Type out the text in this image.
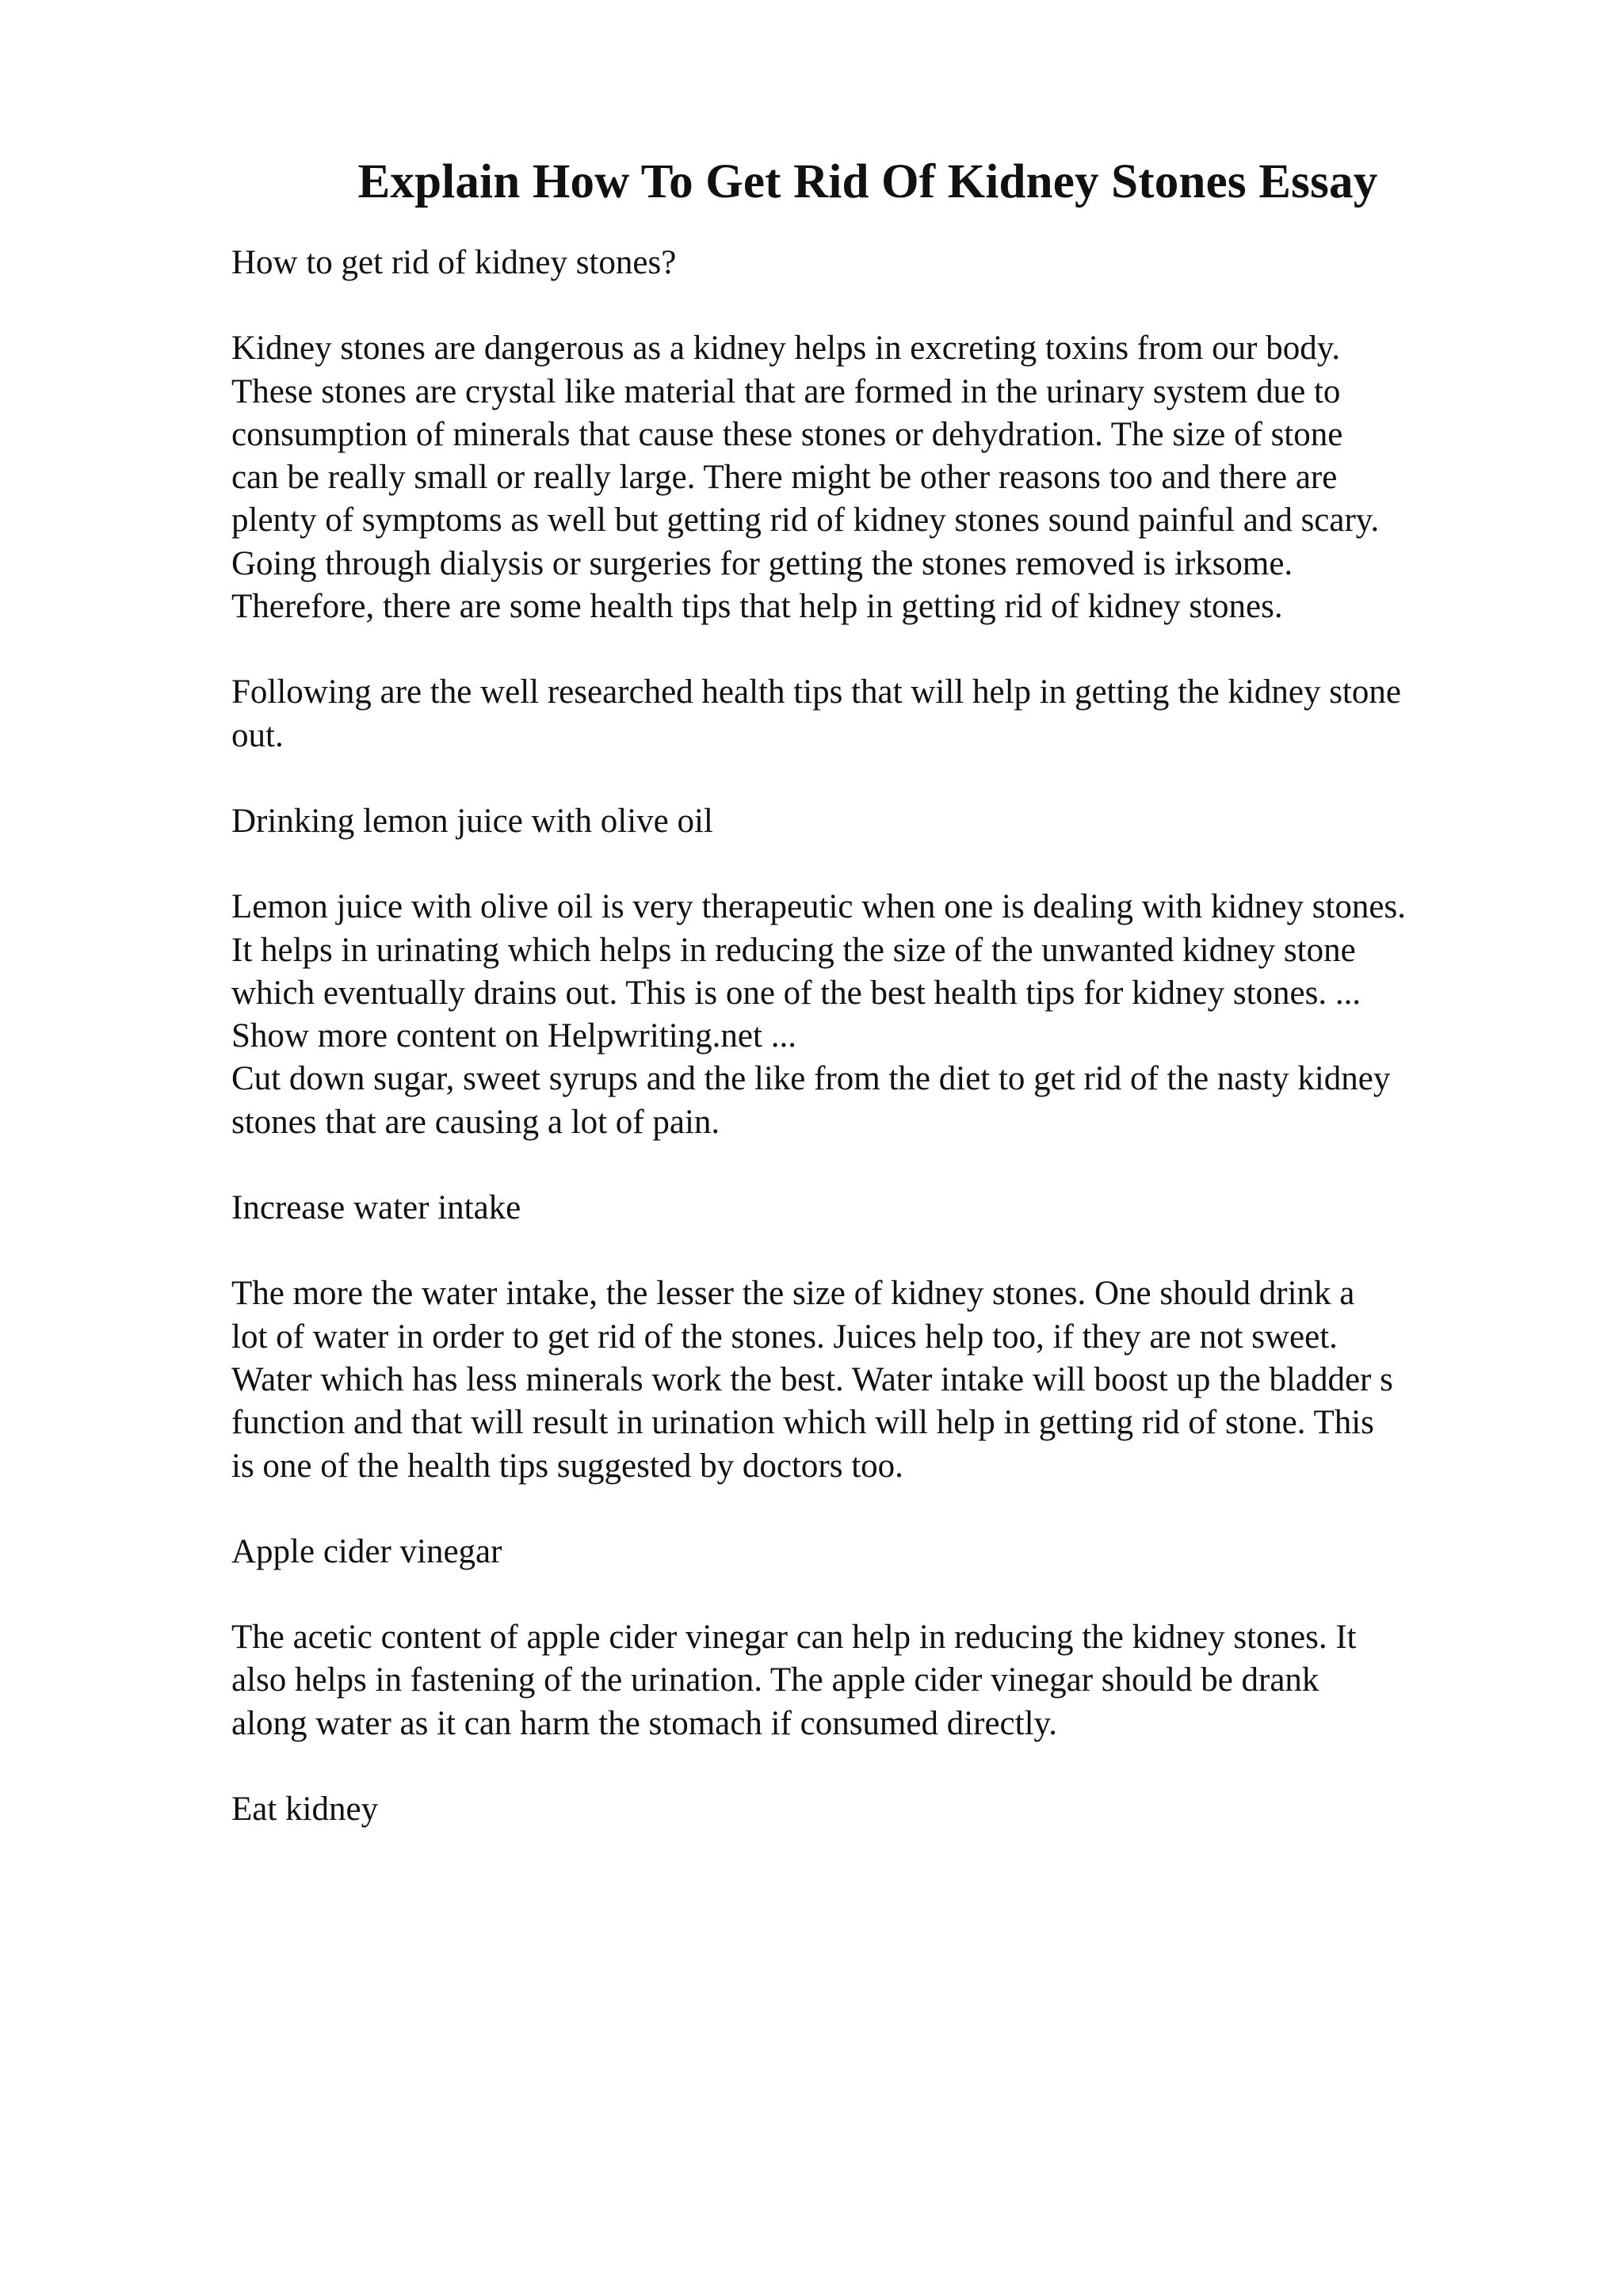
Explain How To Get Rid Of Kidney Stones Essay

How to get rid of kidney stones?

Kidney stones are dangerous as a kidney helps in excreting toxins from our body.
These stones are crystal like material that are formed in the urinary system due to
consumption of minerals that cause these stones or dehydration. The size of stone
can be really small or really large. There might be other reasons too and there are
plenty of symptoms as well but getting rid of kidney stones sound painful and scary.
Going through dialysis or surgeries for getting the stones removed is irksome.
Therefore, there are some health tips that help in getting rid of kidney stones.

Following are the well researched health tips that will help in getting the kidney stone
out.

Drinking lemon juice with olive oil

Lemon juice with olive oil is very therapeutic when one is dealing with kidney stones.
It helps in urinating which helps in reducing the size of the unwanted kidney stone
which eventually drains out. This is one of the best health tips for kidney stones. ...
Show more content on Helpwriting.net ...
Cut down sugar, sweet syrups and the like from the diet to get rid of the nasty kidney
stones that are causing a lot of pain.

Increase water intake

The more the water intake, the lesser the size of kidney stones. One should drink a
lot of water in order to get rid of the stones. Juices help too, if they are not sweet.
Water which has less minerals work the best. Water intake will boost up the bladder s
function and that will result in urination which will help in getting rid of stone. This
is one of the health tips suggested by doctors too.

Apple cider vinegar

The acetic content of apple cider vinegar can help in reducing the kidney stones. It
also helps in fastening of the urination. The apple cider vinegar should be drank
along water as it can harm the stomach if consumed directly.

Eat kidney
